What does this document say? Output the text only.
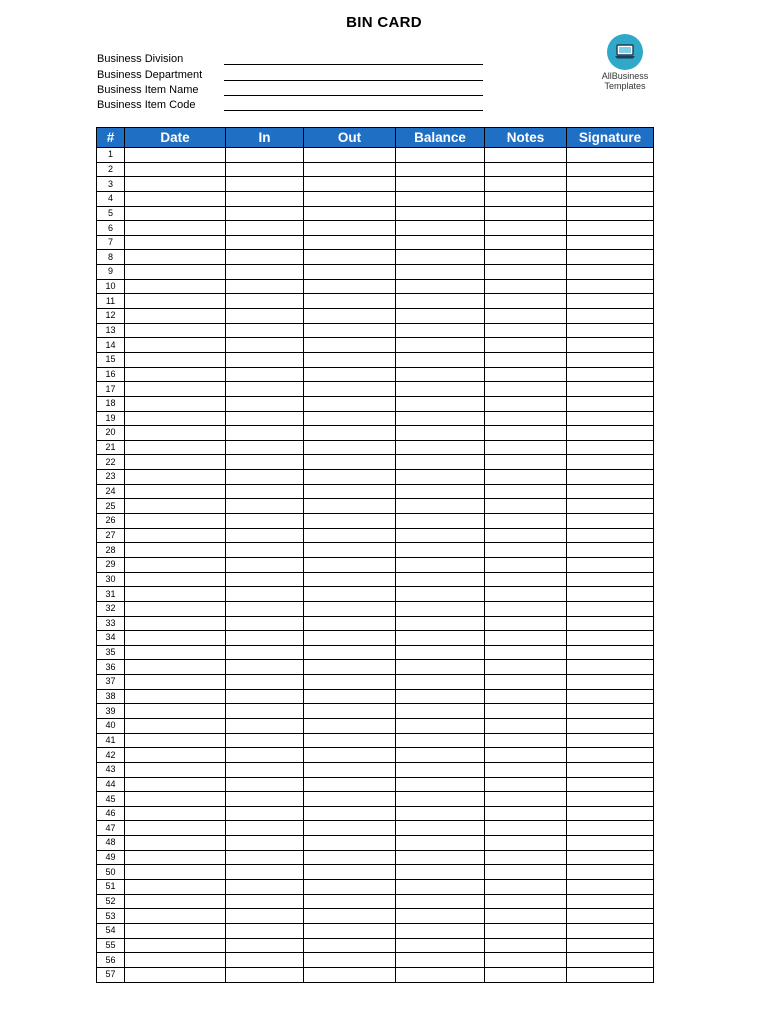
BIN CARD
Business Division
Business Department
Business Item Name
Business Item Code
AllBusiness
Templates
#	Date	In	Out	Balance	Notes	Signature
1						
2						
3						
4						
5						
6						
7						
8						
9						
10						
11						
12						
13						
14						
15						
16						
17						
18						
19						
20						
21						
22						
23						
24						
25						
26						
27						
28						
29						
30						
31						
32						
33						
34						
35						
36						
37						
38						
39						
40						
41						
42						
43						
44						
45						
46						
47						
48						
49						
50						
51						
52						
53						
54						
55						
56						
57						
